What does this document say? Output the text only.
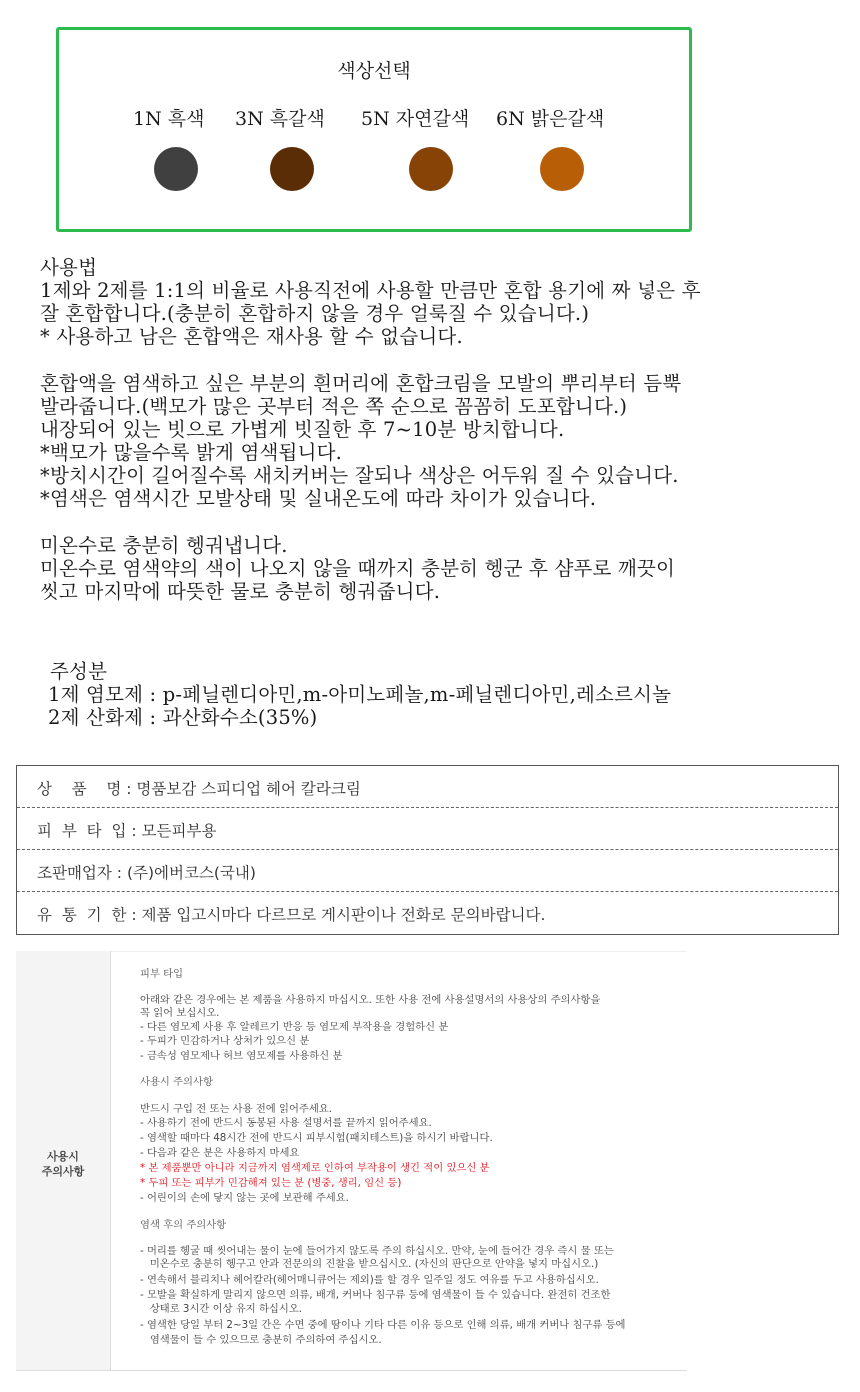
색상선택
1N 흑색 3N 흑갈색 5N 자연갈색 6N 밝은갈색
사용법
1제와 2제를 1:1의 비율로 사용직전에 사용할 만큼만 혼합 용기에 짜 넣은 후
잘 혼합합니다.(충분히 혼합하지 않을 경우 얼룩질 수 있습니다.)
* 사용하고 남은 혼합액은 재사용 할 수 없습니다.
혼합액을 염색하고 싶은 부분의 흰머리에 혼합크림을 모발의 뿌리부터 듬뿍
발라줍니다.(백모가 많은 곳부터 적은 쪽 순으로 꼼꼼히 도포합니다.)
내장되어 있는 빗으로 가볍게 빗질한 후 7~10분 방치합니다.
*백모가 많을수록 밝게 염색됩니다.
*방치시간이 길어질수록 새치커버는 잘되나 색상은 어두워 질 수 있습니다.
*염색은 염색시간 모발상태 및 실내온도에 따라 차이가 있습니다.
미온수로 충분히 헹궈냅니다.
미온수로 염색약의 색이 나오지 않을 때까지 충분히 헹군 후 샴푸로 깨끗이
씻고 마지막에 따뜻한 물로 충분히 헹궈줍니다.
주성분
1제 염모제 : p-페닐렌디아민,m-아미노페놀,m-페닐렌디아민,레소르시놀
2제 산화제 : 과산화수소(35%)
상    품    명 : 명품보감 스피디업 헤어 칼라크림
피  부  타  입 : 모든피부용
조판매업자 : (주)에버코스(국내)
유  통  기  한 : 제품 입고시마다 다르므로 게시판이나 전화로 문의바랍니다.
사용시
주의사항
피부 타입
아래와 같은 경우에는 본 제품을 사용하지 마십시오. 또한 사용 전에 사용설명서의 사용상의 주의사항을
꼭 읽어 보십시오.
- 다른 염모제 사용 후 알레르기 반응 등 염모제 부작용을 경험하신 분
- 두피가 민감하거나 상처가 있으신 분
- 금속성 염모제나 허브 염모제를 사용하신 분
사용시 주의사항
반드시 구입 전 또는 사용 전에 읽어주세요.
- 사용하기 전에 반드시 동봉된 사용 설명서를 끝까지 읽어주세요.
- 염색할 때마다 48시간 전에 반드시 피부시험(패치테스트)을 하시기 바랍니다.
- 다음과 같은 분은 사용하지 마세요
* 본 제품뿐만 아니라 지금까지 염색제로 인하여 부작용이 생긴 적이 있으신 분
* 두피 또는 피부가 민감해져 있는 분 (병중, 생리, 임신 등)
- 어린이의 손에 닿지 않는 곳에 보관해 주세요.
염색 후의 주의사항
- 머리를 헹굴 때 씻어내는 물이 눈에 들어가지 않도록 주의 하십시오. 만약, 눈에 들어간 경우 즉시 물 또는
미온수로 충분히 헹구고 안과 전문의의 진찰을 받으십시오. (자신의 판단으로 안약을 넣지 마십시오.)
- 연속해서 블리치나 헤어칼라(헤어매니큐어는 제외)를 할 경우 일주일 정도 여유를 두고 사용하십시오.
- 모발을 확실하게 말리지 않으면 의류, 배개, 커버나 침구류 등에 염색물이 들 수 있습니다. 완전히 건조한
상태로 3시간 이상 유지 하십시오.
- 염색한 당일 부터 2~3일 간은 수면 중에 땀이나 기타 다른 이유 등으로 인해 의류, 배개 커버나 침구류 등에
염색물이 들 수 있으므로 충분히 주의하여 주십시오.
